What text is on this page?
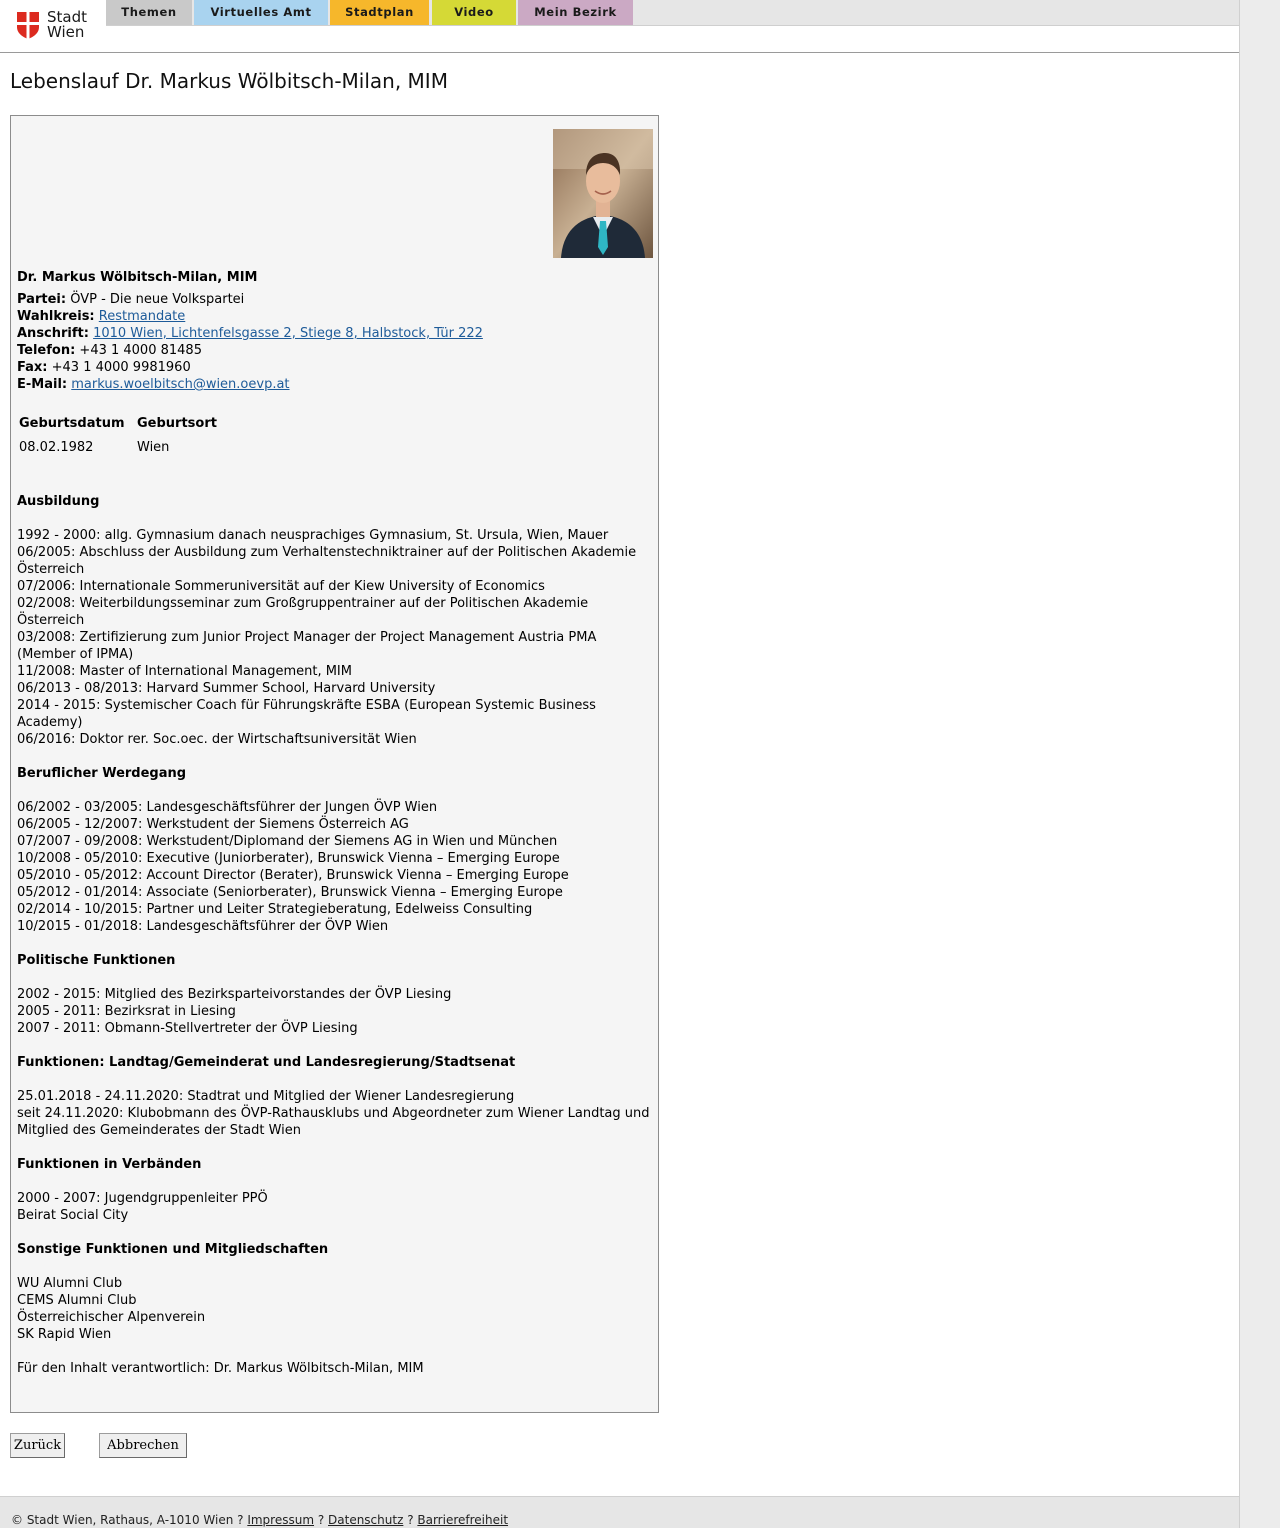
Stadt
Wien
Themen	Virtuelles Amt	Stadtplan	Video	Mein Bezirk
Lebenslauf Dr. Markus Wölbitsch-Milan, MIM
Dr. Markus Wölbitsch-Milan, MIM
Partei: ÖVP - Die neue Volkspartei
Wahlkreis: Restmandate
Anschrift: 1010 Wien, Lichtenfelsgasse 2, Stiege 8, Halbstock, Tür 222
Telefon: +43 1 4000 81485
Fax: +43 1 4000 9981960
E-Mail: markus.woelbitsch@wien.oevp.at
Geburtsdatum Geburtsort
08.02.1982	Wien
Ausbildung
1992 - 2000: allg. Gymnasium danach neusprachiges Gymnasium, St. Ursula, Wien, Mauer
06/2005: Abschluss der Ausbildung zum Verhaltenstechniktrainer auf der Politischen Akademie
Österreich
07/2006: Internationale Sommeruniversität auf der Kiew University of Economics
02/2008: Weiterbildungsseminar zum Großgruppentrainer auf der Politischen Akademie
Österreich
03/2008: Zertifizierung zum Junior Project Manager der Project Management Austria PMA
(Member of IPMA)
11/2008: Master of International Management, MIM
06/2013 - 08/2013: Harvard Summer School, Harvard University
2014 - 2015: Systemischer Coach für Führungskräfte ESBA (European Systemic Business
Academy)
06/2016: Doktor rer. Soc.oec. der Wirtschaftsuniversität Wien
Beruflicher Werdegang
06/2002 - 03/2005: Landesgeschäftsführer der Jungen ÖVP Wien
06/2005 - 12/2007: Werkstudent der Siemens Österreich AG
07/2007 - 09/2008: Werkstudent/Diplomand der Siemens AG in Wien und München
10/2008 - 05/2010: Executive (Juniorberater), Brunswick Vienna – Emerging Europe
05/2010 - 05/2012: Account Director (Berater), Brunswick Vienna – Emerging Europe
05/2012 - 01/2014: Associate (Seniorberater), Brunswick Vienna – Emerging Europe
02/2014 - 10/2015: Partner und Leiter Strategieberatung, Edelweiss Consulting
10/2015 - 01/2018: Landesgeschäftsführer der ÖVP Wien
Politische Funktionen
2002 - 2015: Mitglied des Bezirksparteivorstandes der ÖVP Liesing
2005 - 2011: Bezirksrat in Liesing
2007 - 2011: Obmann-Stellvertreter der ÖVP Liesing
Funktionen: Landtag/Gemeinderat und Landesregierung/Stadtsenat
25.01.2018 - 24.11.2020: Stadtrat und Mitglied der Wiener Landesregierung
seit 24.11.2020: Klubobmann des ÖVP-Rathausklubs und Abgeordneter zum Wiener Landtag und
Mitglied des Gemeinderates der Stadt Wien
Funktionen in Verbänden
2000 - 2007: Jugendgruppenleiter PPÖ
Beirat Social City
Sonstige Funktionen und Mitgliedschaften
WU Alumni Club
CEMS Alumni Club
Österreichischer Alpenverein
SK Rapid Wien
Für den Inhalt verantwortlich: Dr. Markus Wölbitsch-Milan, MIM
Zurück	Abbrechen
© Stadt Wien, Rathaus, A-1010 Wien ? Impressum ? Datenschutz ? Barrierefreiheit
